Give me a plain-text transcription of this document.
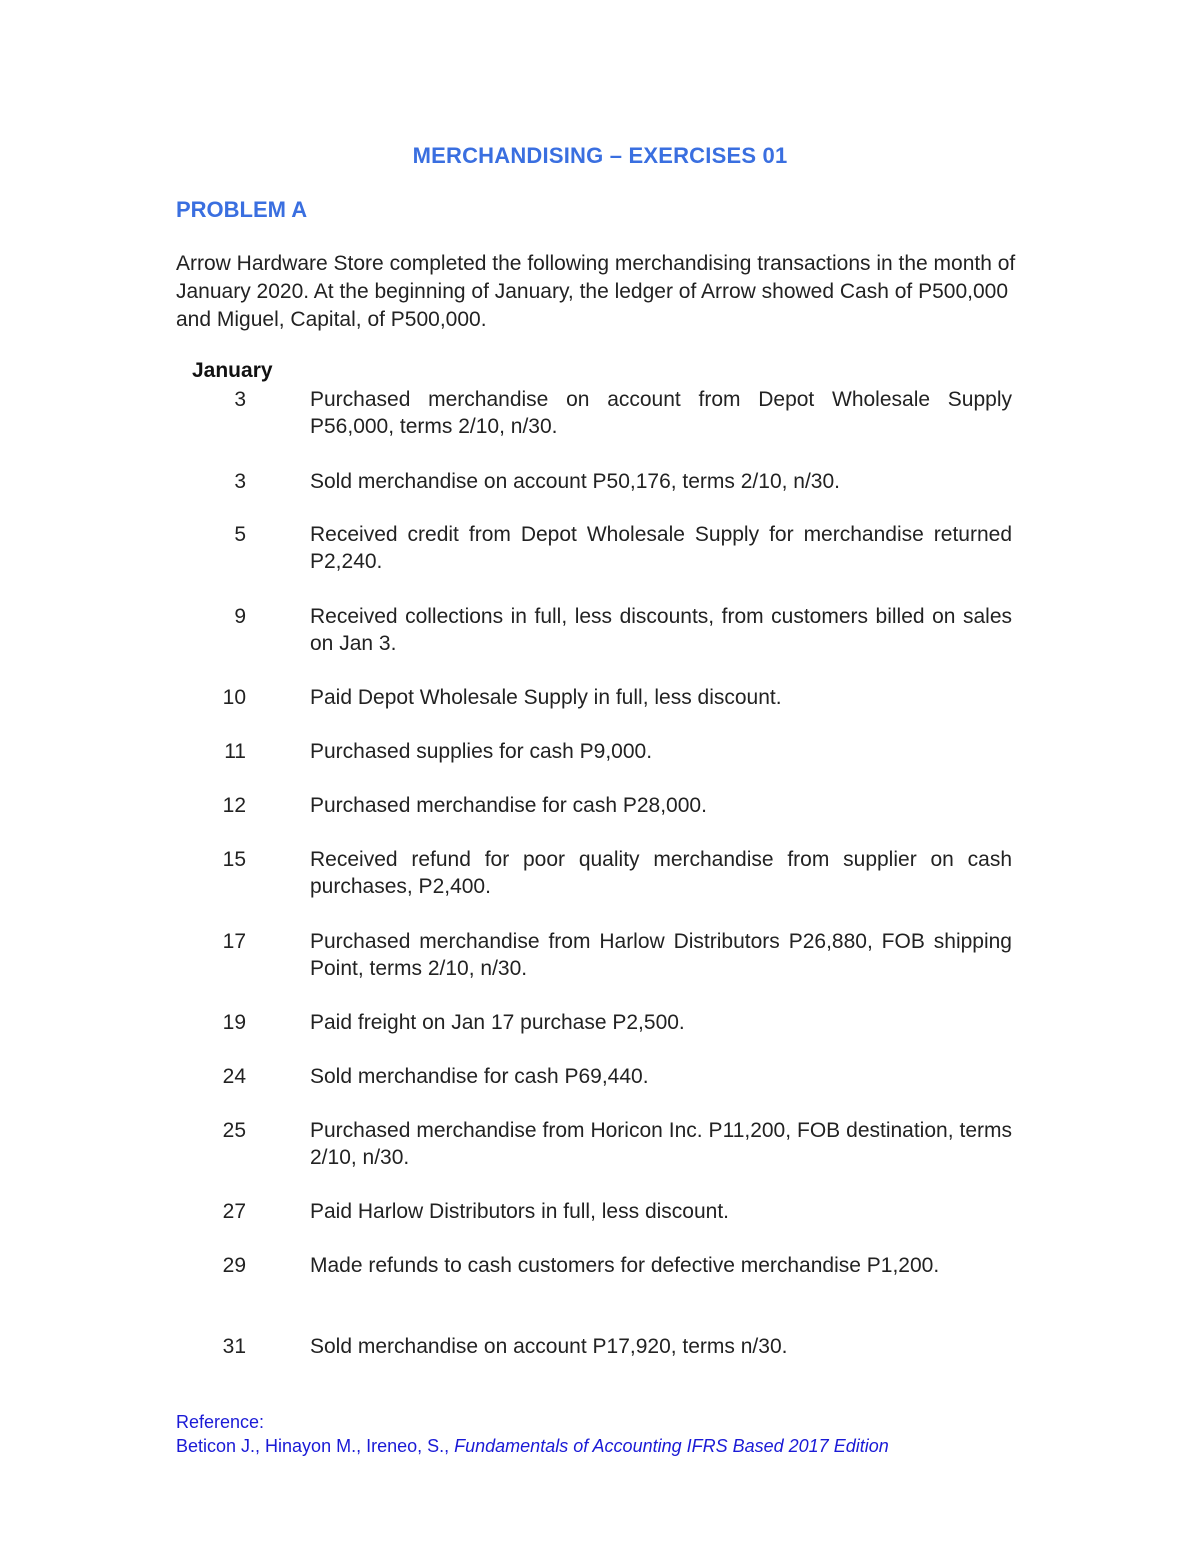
MERCHANDISING – EXERCISES 01
PROBLEM A

Arrow Hardware Store completed the following merchandising transactions in the month of January 2020. At the beginning of January, the ledger of Arrow showed Cash of P500,000 and Miguel, Capital, of P500,000.

January
3	Purchased merchandise on account from Depot Wholesale Supply P56,000, terms 2/10, n/30.
3	Sold merchandise on account P50,176, terms 2/10, n/30.
5	Received credit from Depot Wholesale Supply for merchandise returned P2,240.
9	Received collections in full, less discounts, from customers billed on sales on Jan 3.
10	Paid Depot Wholesale Supply in full, less discount.
11	Purchased supplies for cash P9,000.
12	Purchased merchandise for cash P28,000.
15	Received refund for poor quality merchandise from supplier on cash purchases, P2,400.
17	Purchased merchandise from Harlow Distributors P26,880, FOB shipping Point, terms 2/10, n/30.
19	Paid freight on Jan 17 purchase P2,500.
24	Sold merchandise for cash P69,440.
25	Purchased merchandise from Horicon Inc. P11,200, FOB destination, terms 2/10, n/30.
27	Paid Harlow Distributors in full, less discount.
29	Made refunds to cash customers for defective merchandise P1,200.
31	Sold merchandise on account P17,920, terms n/30.
Reference:
Beticon J., Hinayon M., Ireneo, S., Fundamentals of Accounting IFRS Based 2017 Edition
